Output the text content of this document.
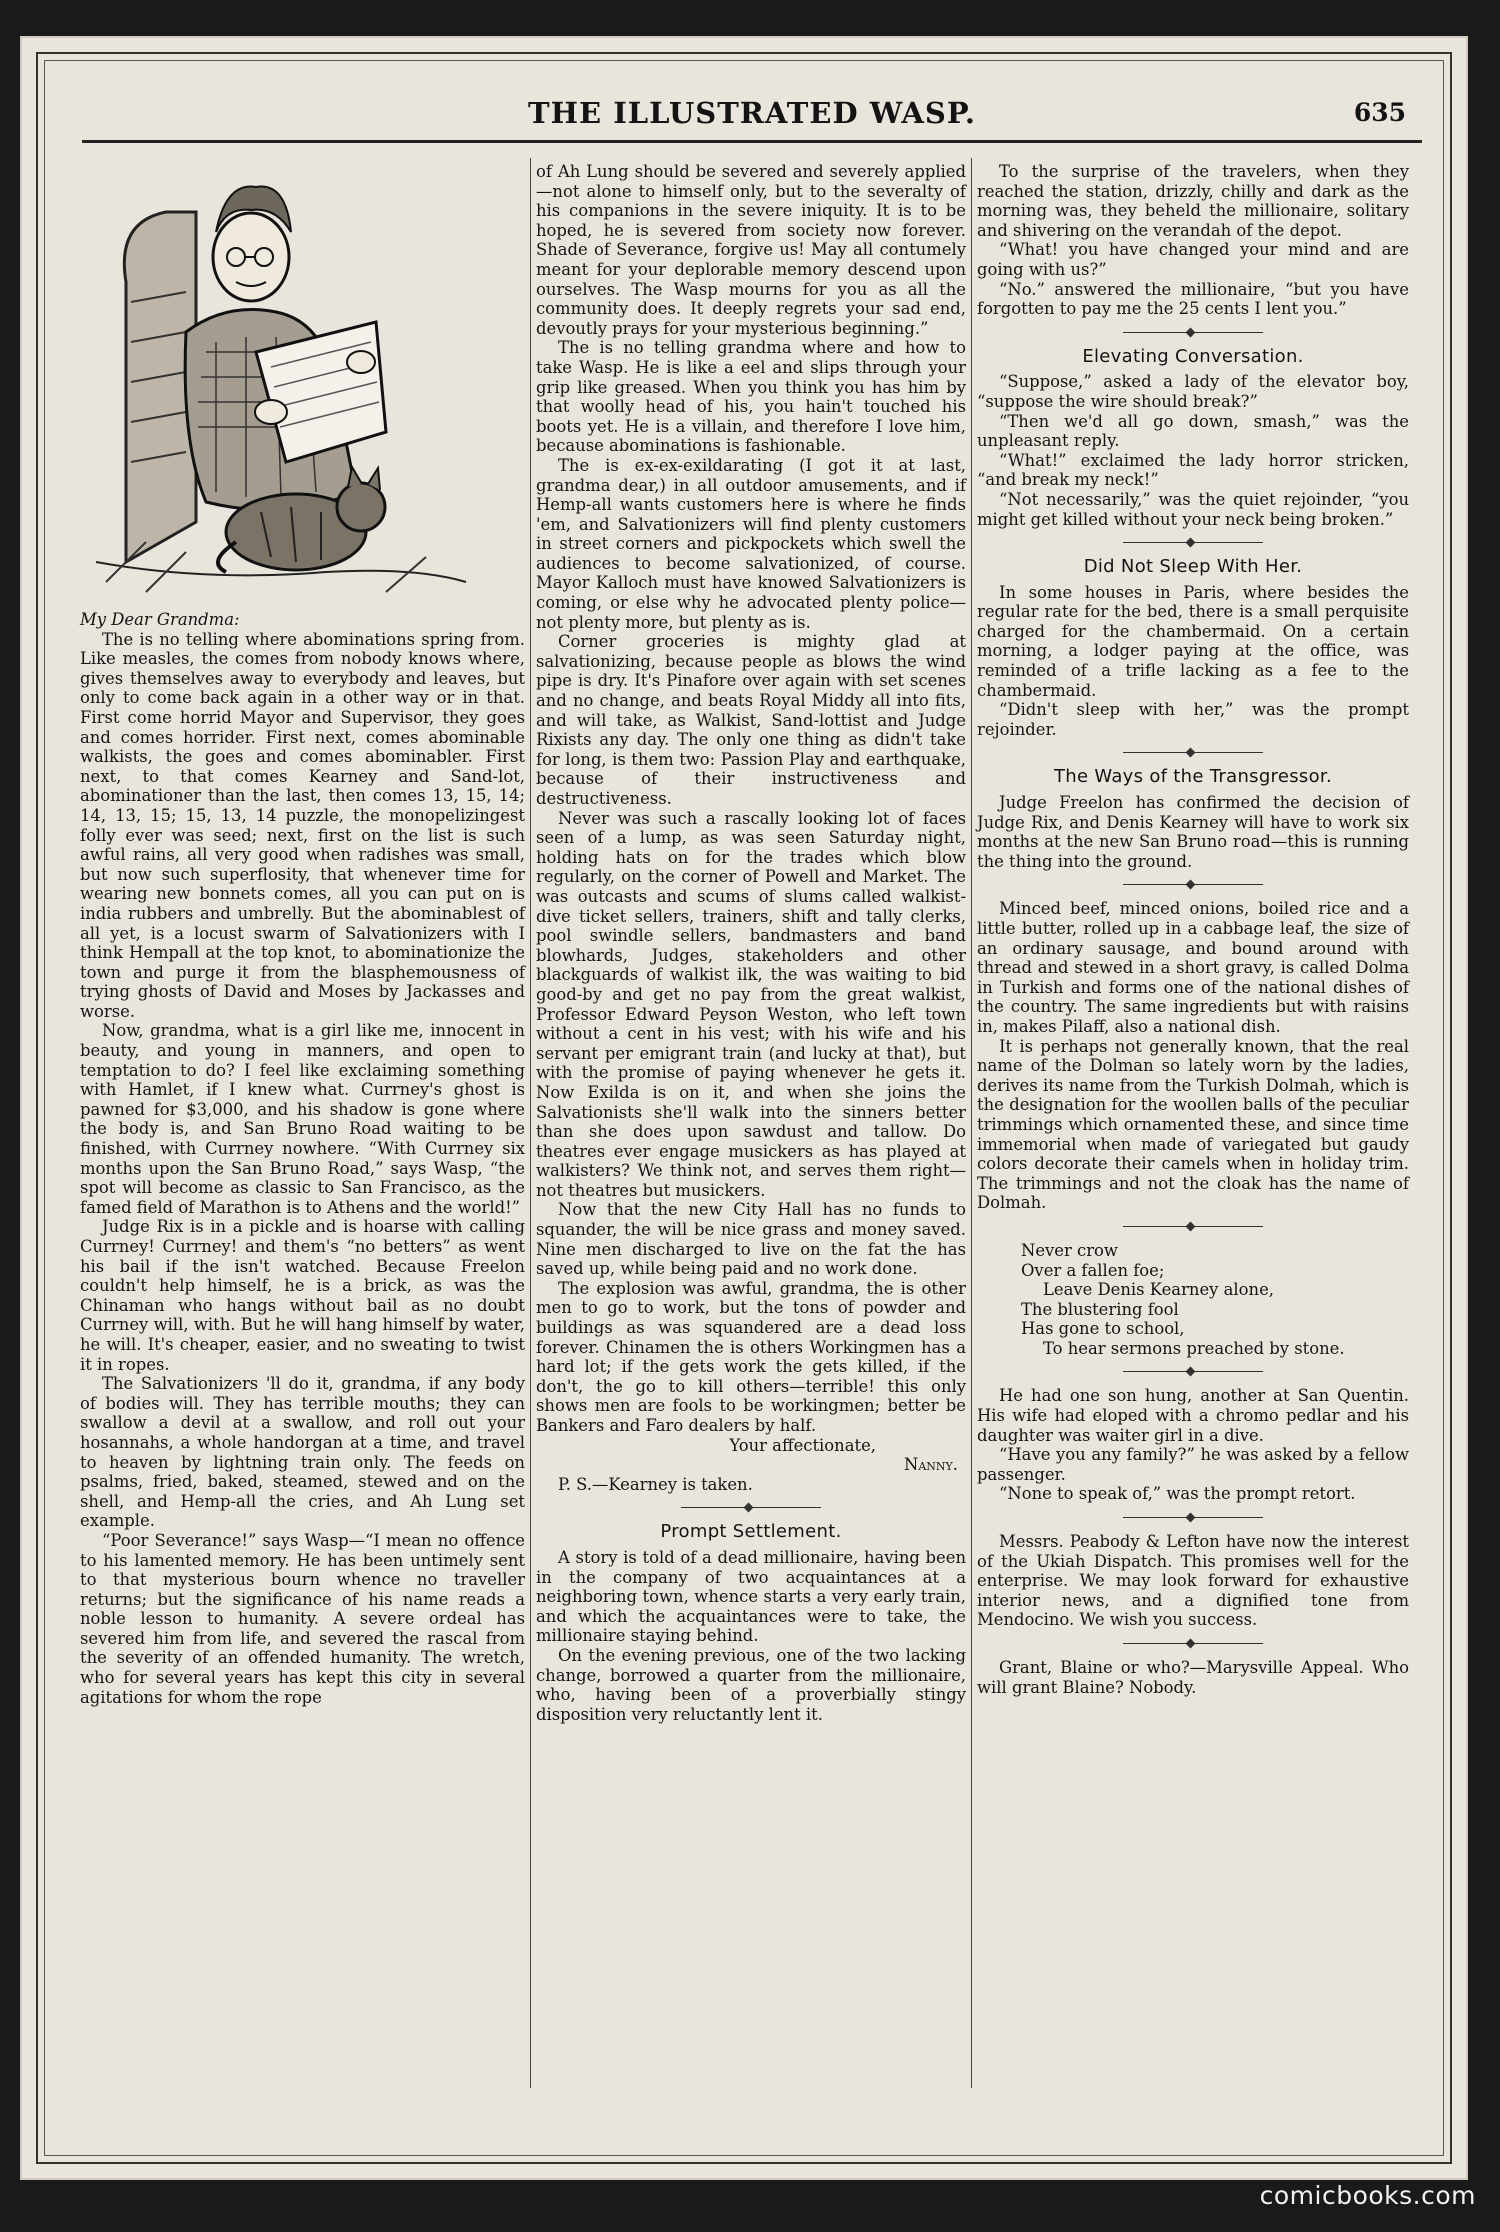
THE ILLUSTRATED WASP.	635

My Dear Grandma:

The is no telling where abominations spring from. Like measles, the comes from nobody knows where, gives themselves away to everybody and leaves, but only to come back again in a other way or in that. First come horrid Mayor and Supervisor, they goes and comes horrider. First next, comes abominable walkists, the goes and comes abominabler. First next, to that comes Kearney and Sand-lot, abominationer than the last, then comes 13, 15, 14; 14, 13, 15; 15, 13, 14 puzzle, the monopelizingest folly ever was seed; next, first on the list is such awful rains, all very good when radishes was small, but now such superflosity, that whenever time for wearing new bonnets comes, all you can put on is india rubbers and umbrelly. But the abominablest of all yet, is a locust swarm of Salvationizers with I think Hempall at the top knot, to abominationize the town and purge it from the blasphemousness of trying ghosts of David and Moses by Jackasses and worse.

Now, grandma, what is a girl like me, innocent in beauty, and young in manners, and open to temptation to do? I feel like exclaiming something with Hamlet, if I knew what. Currney's ghost is pawned for $3,000, and his shadow is gone where the body is, and San Bruno Road waiting to be finished, with Currney nowhere. “With Currney six months upon the San Bruno Road,” says Wasp, “the spot will become as classic to San Francisco, as the famed field of Marathon is to Athens and the world!”

Judge Rix is in a pickle and is hoarse with calling Currney! Currney! and them's “no betters” as went his bail if the isn't watched. Because Freelon couldn't help himself, he is a brick, as was the Chinaman who hangs without bail as no doubt Currney will, with. But he will hang himself by water, he will. It's cheaper, easier, and no sweating to twist it in ropes.

The Salvationizers 'll do it, grandma, if any body of bodies will. They has terrible mouths; they can swallow a devil at a swallow, and roll out your hosannahs, a whole handorgan at a time, and travel to heaven by lightning train only. The feeds on psalms, fried, baked, steamed, stewed and on the shell, and Hemp-all the cries, and Ah Lung set example.

“Poor Severance!” says Wasp—“I mean no offence to his lamented memory. He has been untimely sent to that mysterious bourn whence no traveller returns; but the significance of his name reads a noble lesson to humanity. A severe ordeal has severed him from life, and severed the rascal from the severity of an offended humanity. The wretch, who for several years has kept this city in several agitations for whom the rope

of Ah Lung should be severed and severely applied—not alone to himself only, but to the severalty of his companions in the severe iniquity. It is to be hoped, he is severed from society now forever. Shade of Severance, forgive us! May all contumely meant for your deplorable memory descend upon ourselves. The Wasp mourns for you as all the community does. It deeply regrets your sad end, devoutly prays for your mysterious beginning.”

The is no telling grandma where and how to take Wasp. He is like a eel and slips through your grip like greased. When you think you has him by that woolly head of his, you hain't touched his boots yet. He is a villain, and therefore I love him, because abominations is fashionable.

The is ex-ex-exildarating (I got it at last, grandma dear,) in all outdoor amusements, and if Hemp-all wants customers here is where he finds 'em, and Salvationizers will find plenty customers in street corners and pickpockets which swell the audiences to become salvationized, of course. Mayor Kalloch must have knowed Salvationizers is coming, or else why he advocated plenty police—not plenty more, but plenty as is.

Corner groceries is mighty glad at salvationizing, because people as blows the wind pipe is dry. It's Pinafore over again with set scenes and no change, and beats Royal Middy all into fits, and will take, as Walkist, Sand-lottist and Judge Rixists any day. The only one thing as didn't take for long, is them two: Passion Play and earthquake, because of their instructiveness and destructiveness.

Never was such a rascally looking lot of faces seen of a lump, as was seen Saturday night, holding hats on for the trades which blow regularly, on the corner of Powell and Market. The was outcasts and scums of slums called walkist-dive ticket sellers, trainers, shift and tally clerks, pool swindle sellers, bandmasters and band blowhards, Judges, stakeholders and other blackguards of walkist ilk, the was waiting to bid good-by and get no pay from the great walkist, Professor Edward Peyson Weston, who left town without a cent in his vest; with his wife and his servant per emigrant train (and lucky at that), but with the promise of paying whenever he gets it. Now Exilda is on it, and when she joins the Salvationists she'll walk into the sinners better than she does upon sawdust and tallow. Do theatres ever engage musickers as has played at walkisters? We think not, and serves them right—not theatres but musickers.

Now that the new City Hall has no funds to squander, the will be nice grass and money saved. Nine men discharged to live on the fat the has saved up, while being paid and no work done.

The explosion was awful, grandma, the is other men to go to work, but the tons of powder and buildings as was squandered are a dead loss forever. Chinamen the is others Workingmen has a hard lot; if the gets work the gets killed, if the don't, the go to kill others—terrible! this only shows men are fools to be workingmen; better be Bankers and Faro dealers by half.

Your affectionate,

Nanny.

P. S.—Kearney is taken.

Prompt Settlement.

A story is told of a dead millionaire, having been in the company of two acquaintances at a neighboring town, whence starts a very early train, and which the acquaintances were to take, the millionaire staying behind.

On the evening previous, one of the two lacking change, borrowed a quarter from the millionaire, who, having been of a proverbially stingy disposition very reluctantly lent it.

To the surprise of the travelers, when they reached the station, drizzly, chilly and dark as the morning was, they beheld the millionaire, solitary and shivering on the verandah of the depot.

“What! you have changed your mind and are going with us?”

“No.” answered the millionaire, “but you have forgotten to pay me the 25 cents I lent you.”

Elevating Conversation.

“Suppose,” asked a lady of the elevator boy, “suppose the wire should break?”

“Then we'd all go down, smash,” was the unpleasant reply.

“What!” exclaimed the lady horror stricken, “and break my neck!”

“Not necessarily,” was the quiet rejoinder, “you might get killed without your neck being broken.”

Did Not Sleep With Her.

In some houses in Paris, where besides the regular rate for the bed, there is a small perquisite charged for the chambermaid. On a certain morning, a lodger paying at the office, was reminded of a trifle lacking as a fee to the chambermaid.

“Didn't sleep with her,” was the prompt rejoinder.

The Ways of the Transgressor.

Judge Freelon has confirmed the decision of Judge Rix, and Denis Kearney will have to work six months at the new San Bruno road—this is running the thing into the ground.

Minced beef, minced onions, boiled rice and a little butter, rolled up in a cabbage leaf, the size of an ordinary sausage, and bound around with thread and stewed in a short gravy, is called Dolma in Turkish and forms one of the national dishes of the country. The same ingredients but with raisins in, makes Pilaff, also a national dish.

It is perhaps not generally known, that the real name of the Dolman so lately worn by the ladies, derives its name from the Turkish Dolmah, which is the designation for the woollen balls of the peculiar trimmings which ornamented these, and since time immemorial when made of variegated but gaudy colors decorate their camels when in holiday trim. The trimmings and not the cloak has the name of Dolmah.

Never crow
Over a fallen foe;
Leave Denis Kearney alone,
The blustering fool
Has gone to school,
To hear sermons preached by stone.

He had one son hung, another at San Quentin. His wife had eloped with a chromo pedlar and his daughter was waiter girl in a dive.

“Have you any family?” he was asked by a fellow passenger.

“None to speak of,” was the prompt retort.

Messrs. Peabody & Lefton have now the interest of the Ukiah Dispatch. This promises well for the enterprise. We may look forward for exhaustive interior news, and a dignified tone from Mendocino. We wish you success.

Grant, Blaine or who?—Marysville Appeal. Who will grant Blaine? Nobody.

comicbooks.com
